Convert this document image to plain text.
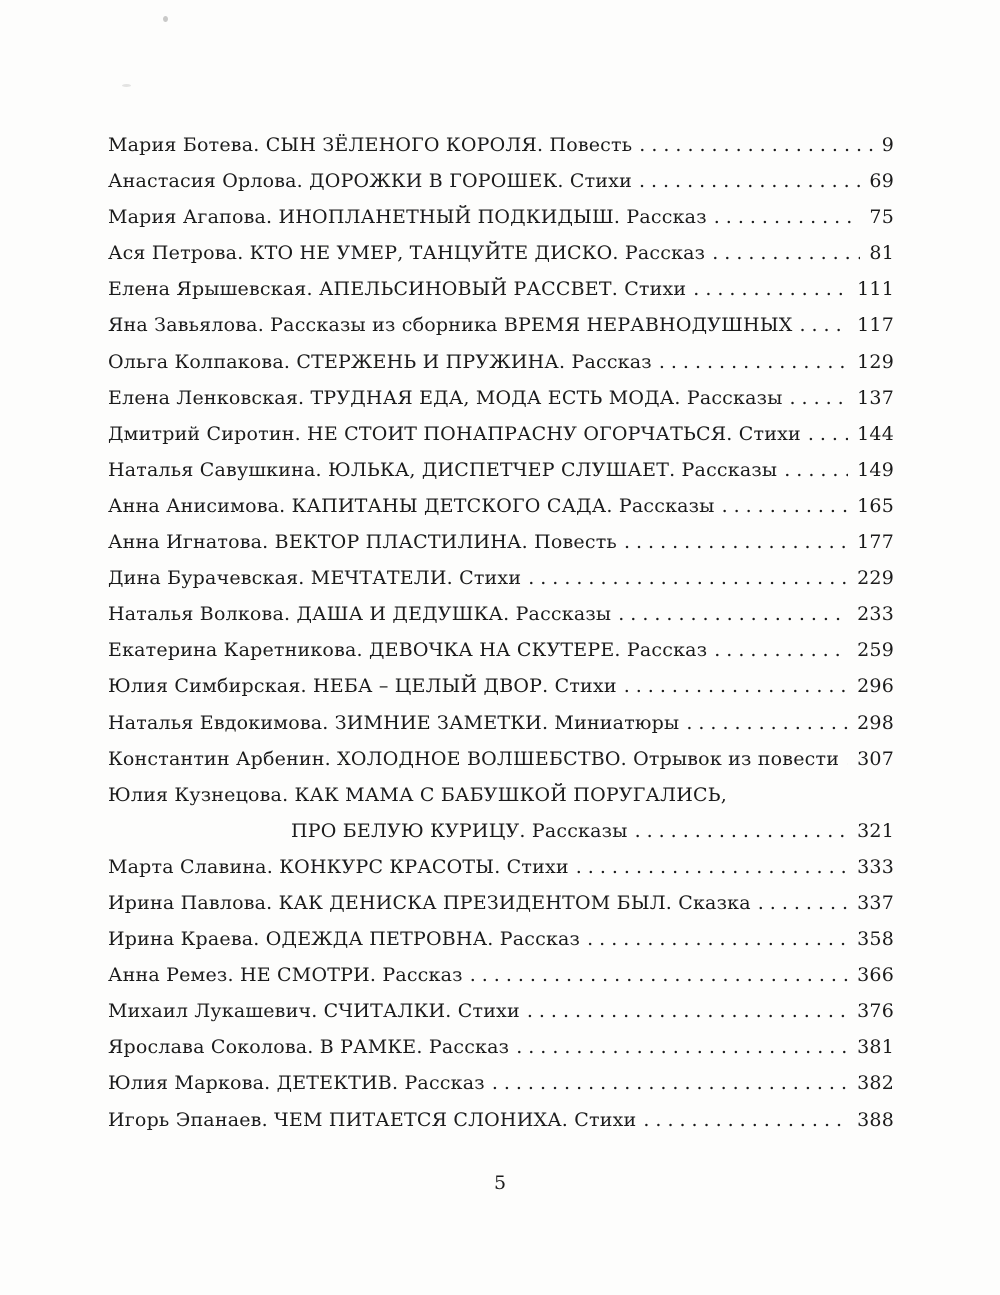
Мария Ботева. СЫН ЗЁЛЕНОГО КОРОЛЯ. Повесть .....	9
Анастасия Орлова. ДОРОЖКИ В ГОРОШЕК. Стихи .....	69
Мария Агапова. ИНОПЛАНЕТНЫЙ ПОДКИДЫШ. Рассказ .....	75
Ася Петрова. КТО НЕ УМЕР, ТАНЦУЙТЕ ДИСКО. Рассказ .....	81
Елена Ярышевская. АПЕЛЬСИНОВЫЙ РАССВЕТ. Стихи .....	111
Яна Завьялова. Рассказы из сборника ВРЕМЯ НЕРАВНОДУШНЫХ .....	117
Ольга Колпакова. СТЕРЖЕНЬ И ПРУЖИНА. Рассказ .....	129
Елена Ленковская. ТРУДНАЯ ЕДА, МОДА ЕСТЬ МОДА. Рассказы .....	137
Дмитрий Сиротин. НЕ СТОИТ ПОНАПРАСНУ ОГОРЧАТЬСЯ. Стихи .....	144
Наталья Савушкина. ЮЛЬКА, ДИСПЕТЧЕР СЛУШАЕТ. Рассказы .....	149
Анна Анисимова. КАПИТАНЫ ДЕТСКОГО САДА. Рассказы .....	165
Анна Игнатова. ВЕКТОР ПЛАСТИЛИНА. Повесть .....	177
Дина Бурачевская. МЕЧТАТЕЛИ. Стихи .....	229
Наталья Волкова. ДАША И ДЕДУШКА. Рассказы .....	233
Екатерина Каретникова. ДЕВОЧКА НА СКУТЕРЕ. Рассказ .....	259
Юлия Симбирская. НЕБА – ЦЕЛЫЙ ДВОР. Стихи .....	296
Наталья Евдокимова. ЗИМНИЕ ЗАМЕТКИ. Миниатюры .....	298
Константин Арбенин. ХОЛОДНОЕ ВОЛШЕБСТВО. Отрывок из повести ..... 307
Юлия Кузнецова. КАК МАМА С БАБУШКОЙ ПОРУГАЛИСЬ,
ПРО БЕЛУЮ КУРИЦУ. Рассказы .....	321
Марта Славина. КОНКУРС КРАСОТЫ. Стихи .....	333
Ирина Павлова. КАК ДЕНИСКА ПРЕЗИДЕНТОМ БЫЛ. Сказка .....	337
Ирина Краева. ОДЕЖДА ПЕТРОВНА. Рассказ .....	358
Анна Ремез. НЕ СМОТРИ. Рассказ .....	366
Михаил Лукашевич. СЧИТАЛКИ. Стихи .....	376
Ярослава Соколова. В РАМКЕ. Рассказ .....	381
Юлия Маркова. ДЕТЕКТИВ. Рассказ .....	382
Игорь Эпанаев. ЧЕМ ПИТАЕТСЯ СЛОНИХА. Стихи .....	388
5
